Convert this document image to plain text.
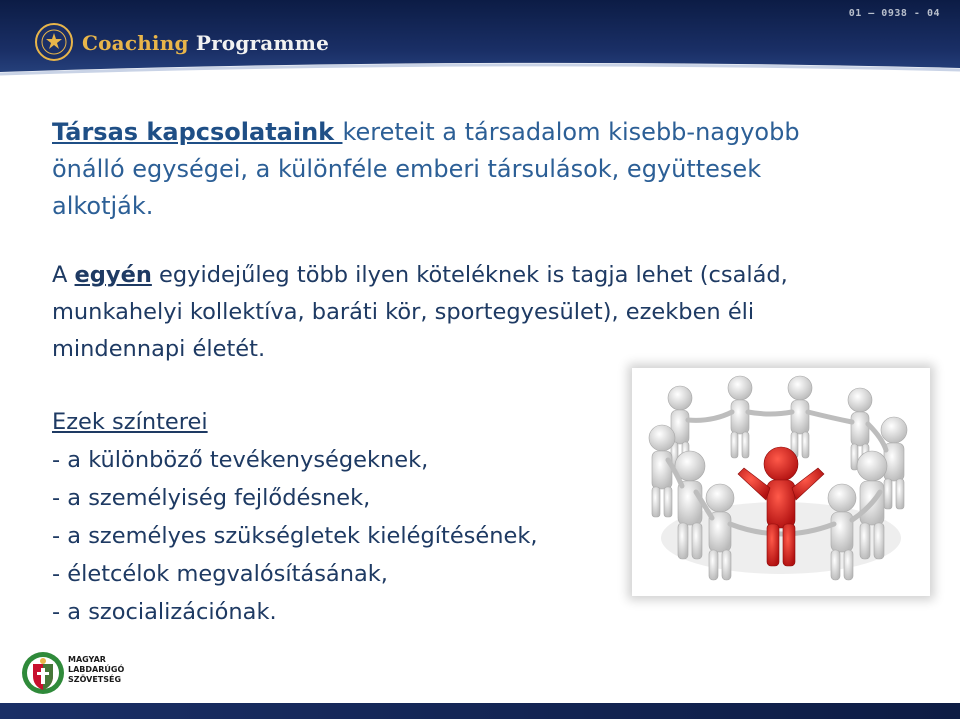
Coaching Programme
01 – 0938 - 04

Társas kapcsolataink kereteit a társadalom kisebb-nagyobb önálló egységei, a különféle emberi társulások, együttesek alkotják.

A egyén egyidejűleg több ilyen köteléknek is tagja lehet (család, munkahelyi kollektíva, baráti kör, sportegyesület), ezekben éli mindennapi életét.

Ezek színterei

- a különböző tevékenységeknek,
- a személyiség fejlődésnek,
- a személyes szükségletek kielégítésének,
- életcélok megvalósításának,
- a szocializációnak.
MAGYAR
LABDARÚGÓ
SZÖVETSÉG
